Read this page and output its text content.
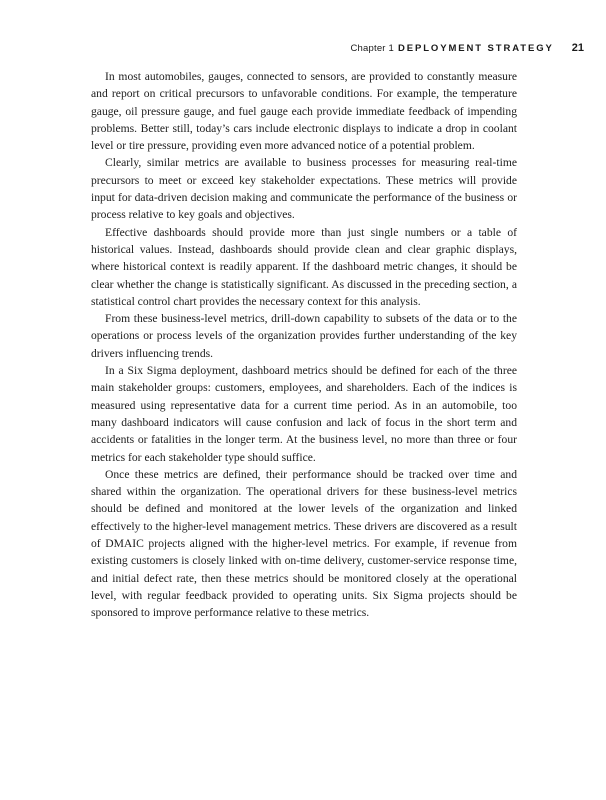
Chapter 1 DEPLOYMENT STRATEGY 21

In most automobiles, gauges, connected to sensors, are provided to constantly measure and report on critical precursors to unfavorable conditions. For example, the temperature gauge, oil pressure gauge, and fuel gauge each provide immediate feedback of impending problems. Better still, today’s cars include electronic displays to indicate a drop in coolant level or tire pressure, providing even more advanced notice of a potential problem.

Clearly, similar metrics are available to business processes for measuring real-time precursors to meet or exceed key stakeholder expectations. These metrics will provide input for data-driven decision making and communicate the performance of the business or process relative to key goals and objectives.

Effective dashboards should provide more than just single numbers or a table of historical values. Instead, dashboards should provide clean and clear graphic displays, where historical context is readily apparent. If the dashboard metric changes, it should be clear whether the change is statistically significant. As discussed in the preceding section, a statistical control chart provides the necessary context for this analysis.

From these business-level metrics, drill-down capability to subsets of the data or to the operations or process levels of the organization provides further understanding of the key drivers influencing trends.

In a Six Sigma deployment, dashboard metrics should be defined for each of the three main stakeholder groups: customers, employees, and shareholders. Each of the indices is measured using representative data for a current time period. As in an automobile, too many dashboard indicators will cause confusion and lack of focus in the short term and accidents or fatalities in the longer term. At the business level, no more than three or four metrics for each stakeholder type should suffice.

Once these metrics are defined, their performance should be tracked over time and shared within the organization. The operational drivers for these business-level metrics should be defined and monitored at the lower levels of the organization and linked effectively to the higher-level management metrics. These drivers are discovered as a result of DMAIC projects aligned with the higher-level metrics. For example, if revenue from existing customers is closely linked with on-time delivery, customer-service response time, and initial defect rate, then these metrics should be monitored closely at the operational level, with regular feedback provided to operating units. Six Sigma projects should be sponsored to improve performance relative to these metrics.
